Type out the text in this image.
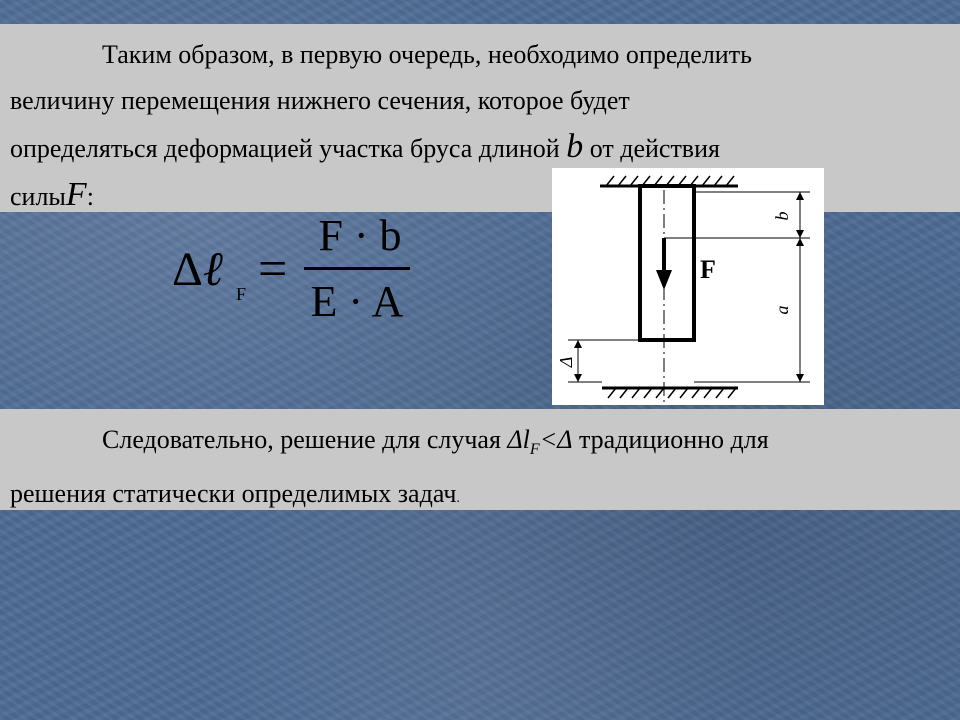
Таким образом, в первую очередь, необходимо определить
величину перемещения нижнего сечения, которое будет
определяться деформацией участка бруса длиной b от действия
силыF:
Δℓ F =
F · b
E · A
F
b
a
Δ
Следовательно, решение для случая $\Delta l_F<\Delta$ традиционно для
решения статически определимых задач.
